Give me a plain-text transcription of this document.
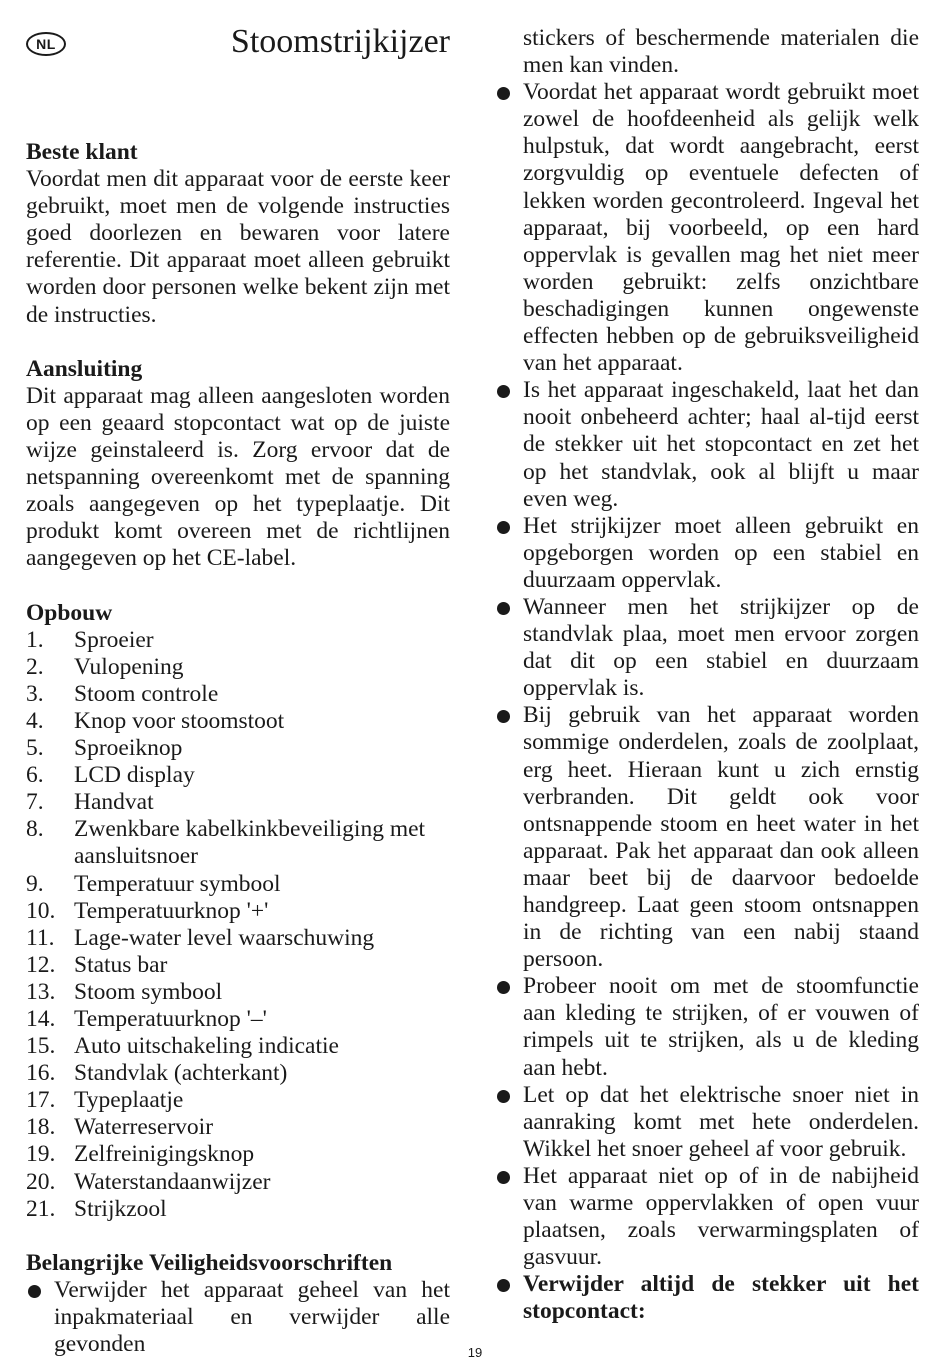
NL	Stoomstrijkijzer
Beste klant

Voordat men dit apparaat voor de eerste keer gebruikt, moet men de volgende instructies goed doorlezen en bewaren voor latere referentie. Dit apparaat moet alleen gebruikt worden door personen welke bekent zijn met de instructies.

Aansluiting

Dit apparaat mag alleen aangesloten worden op een geaard stopcontact wat op de juiste wijze geinstaleerd is. Zorg ervoor dat de netspanning overeenkomt met de spanning zoals aangegeven op het typeplaatje. Dit produkt komt overeen met de richtlijnen aangegeven op het CE-label.

Opbouw
1.	Sproeier
2.	Vulopening
3.	Stoom controle
4.	Knop voor stoomstoot
5.	Sproeiknop
6.	LCD display
7.	Handvat
8.	Zwenkbare kabelkinkbeveiliging met aansluitsnoer
9.	Temperatuur symbool
10. Temperatuurknop '+'
11. Lage-water level waarschuwing
12. Status bar
13. Stoom symbool
14. Temperatuurknop '–'
15. Auto uitschakeling indicatie
16. Standvlak (achterkant)
17. Typeplaatje
18. Waterreservoir
19. Zelfreinigingsknop
20. Waterstandaanwijzer
21. Strijkzool
Belangrijke Veiligheidsvoorschriften
Verwijder het apparaat geheel van het inpakmateriaal en verwijder alle gevonden
stickers of beschermende materialen die men kan vinden.
Voordat het apparaat wordt gebruikt moet zowel de hoofdeenheid als gelijk welk hulpstuk, dat wordt aangebracht, eerst zorgvuldig op eventuele defecten of lekken worden gecontroleerd. Ingeval het apparaat, bij voorbeeld, op een hard oppervlak is gevallen mag het niet meer worden gebruikt: zelfs onzichtbare beschadigingen kunnen ongewenste effecten hebben op de gebruiksveiligheid van het apparaat.
Is het apparaat ingeschakeld, laat het dan nooit onbeheerd achter; haal al-tijd eerst de stekker uit het stopcontact en zet het op het standvlak, ook al blijft u maar even weg.
Het strijkijzer moet alleen gebruikt en opgeborgen worden op een stabiel en duurzaam oppervlak.
Wanneer men het strijkijzer op de standvlak plaa, moet men ervoor zorgen dat dit op een stabiel en duurzaam oppervlak is.
Bij gebruik van het apparaat worden sommige onderdelen, zoals de zoolplaat, erg heet. Hieraan kunt u zich ernstig verbranden. Dit geldt ook voor ontsnappende stoom en heet water in het apparaat. Pak het apparaat dan ook alleen maar beet bij de daarvoor bedoelde handgreep. Laat geen stoom ontsnappen in de richting van een nabij staand persoon.
Probeer nooit om met de stoomfunctie aan kleding te strijken, of er vouwen of rimpels uit te strijken, als u de kleding aan hebt.
Let op dat het elektrische snoer niet in aanraking komt met hete onderdelen. Wikkel het snoer geheel af voor gebruik.
Het apparaat niet op of in de nabijheid van warme oppervlakken of open vuur plaatsen, zoals verwarmingsplaten of gasvuur.
Verwijder altijd de stekker uit het stopcontact:
19
